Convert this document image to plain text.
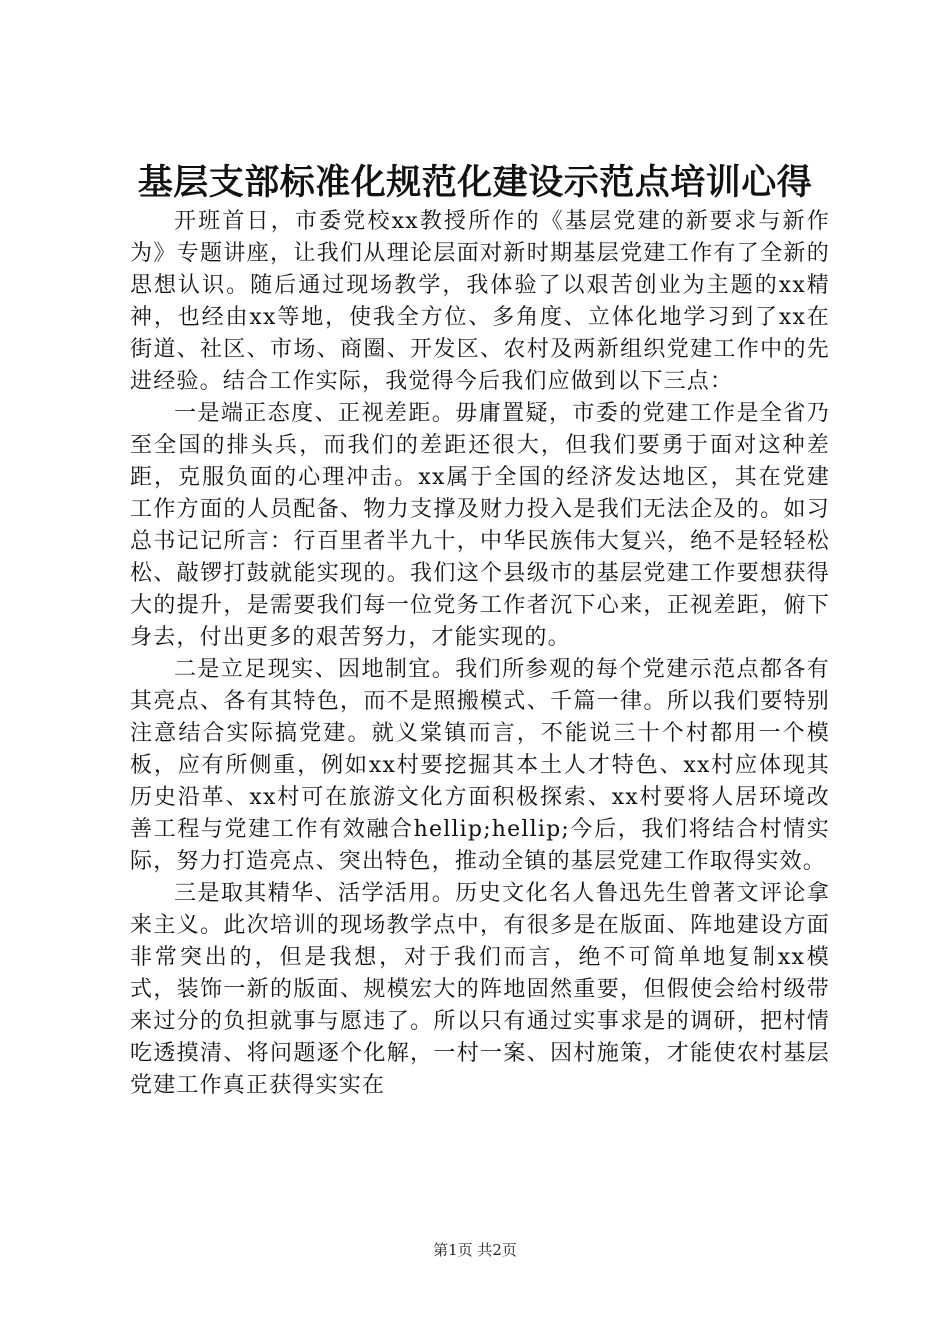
基层支部标准化规范化建设示范点培训心得

开班首日，市委党校xx教授所作的《基层党建的新要求与新作为》专题讲座，让我们从理论层面对新时期基层党建工作有了全新的思想认识。随后通过现场教学，我体验了以艰苦创业为主题的xx精神，也经由xx等地，使我全方位、多角度、立体化地学习到了xx在街道、社区、市场、商圈、开发区、农村及两新组织党建工作中的先进经验。结合工作实际，我觉得今后我们应做到以下三点：

一是端正态度、正视差距。毋庸置疑，市委的党建工作是全省乃至全国的排头兵，而我们的差距还很大，但我们要勇于面对这种差距，克服负面的心理冲击。xx属于全国的经济发达地区，其在党建工作方面的人员配备、物力支撑及财力投入是我们无法企及的。如习总书记记所言：行百里者半九十，中华民族伟大复兴，绝不是轻轻松松、敲锣打鼓就能实现的。我们这个县级市的基层党建工作要想获得大的提升，是需要我们每一位党务工作者沉下心来，正视差距，俯下身去，付出更多的艰苦努力，才能实现的。

二是立足现实、因地制宜。我们所参观的每个党建示范点都各有其亮点、各有其特色，而不是照搬模式、千篇一律。所以我们要特别注意结合实际搞党建。就义棠镇而言，不能说三十个村都用一个模板，应有所侧重，例如xx村要挖掘其本土人才特色、xx村应体现其历史沿革、xx村可在旅游文化方面积极探索、xx村要将人居环境改善工程与党建工作有效融合hellip;hellip;今后，我们将结合村情实际，努力打造亮点、突出特色，推动全镇的基层党建工作取得实效。

三是取其精华、活学活用。历史文化名人鲁迅先生曾著文评论拿来主义。此次培训的现场教学点中，有很多是在版面、阵地建设方面非常突出的，但是我想，对于我们而言，绝不可简单地复制xx模式，装饰一新的版面、规模宏大的阵地固然重要，但假使会给村级带来过分的负担就事与愿违了。所以只有通过实事求是的调研，把村情吃透摸清、将问题逐个化解，一村一案、因村施策，才能使农村基层党建工作真正获得实实在

第1页 共2页
